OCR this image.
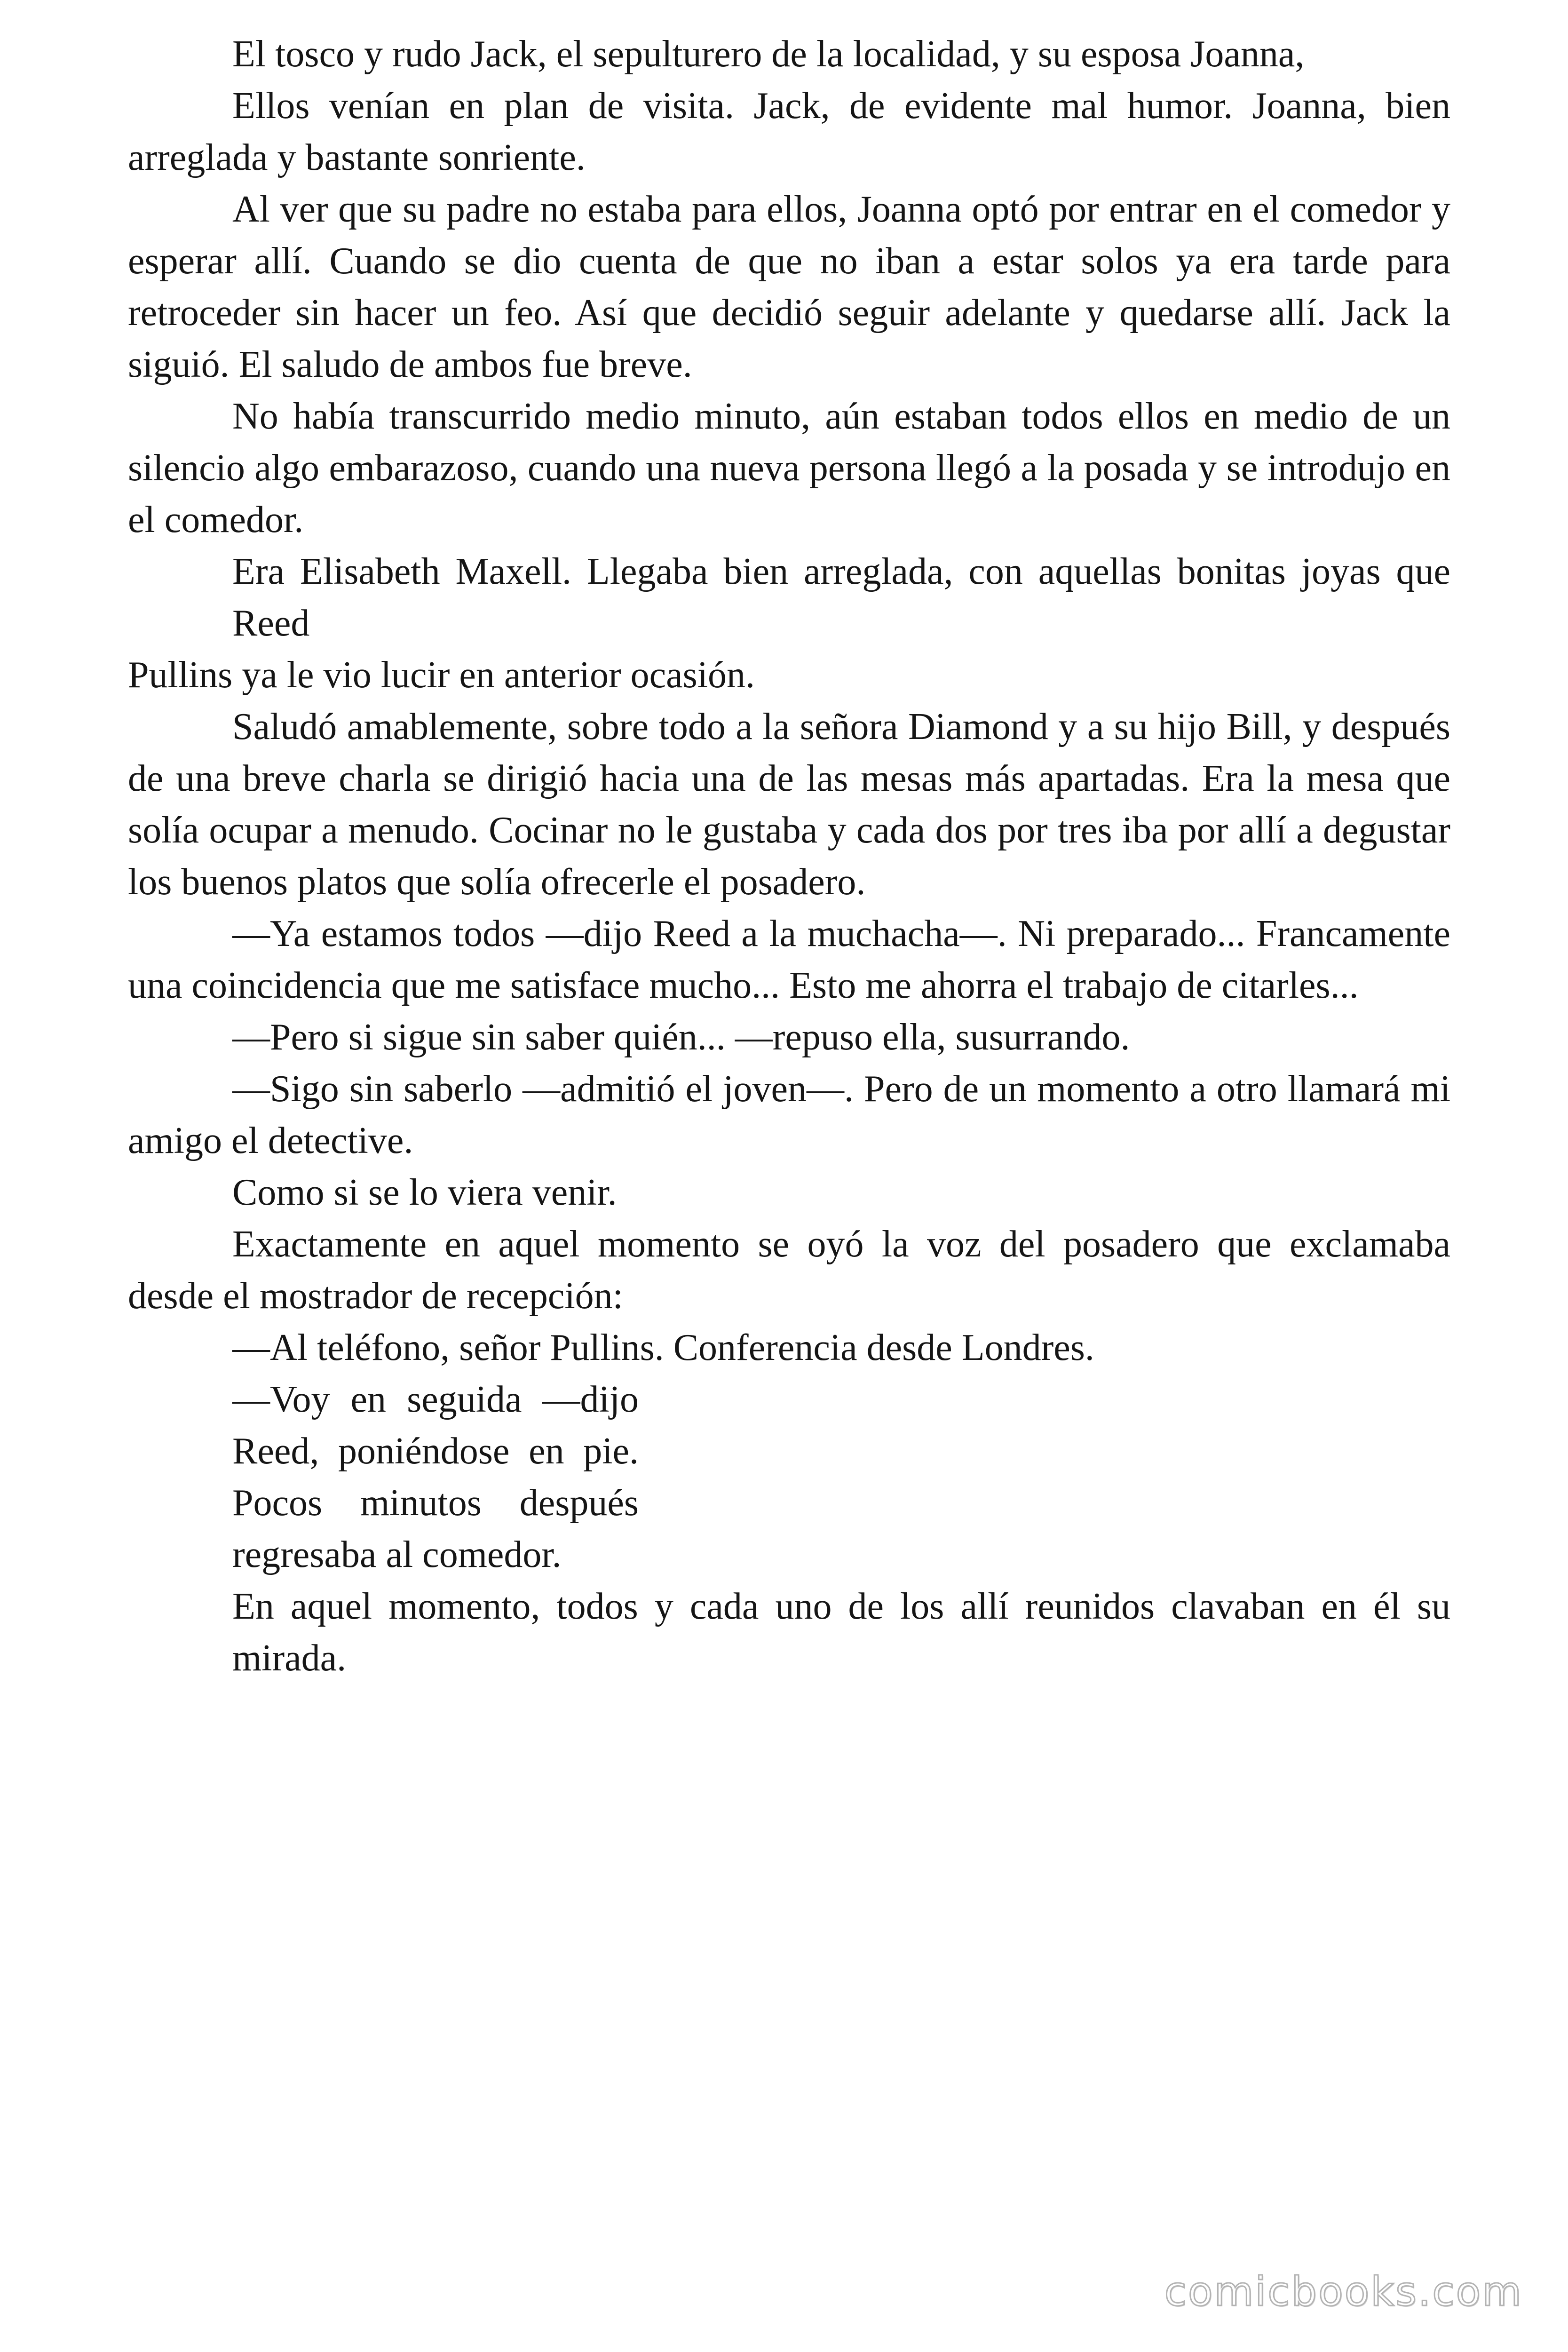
El tosco y rudo Jack, el sepulturero de la localidad, y su esposa Joanna,

Ellos venían en plan de visita. Jack, de evidente mal humor. Joanna, bien arreglada y bastante sonriente.

Al ver que su padre no estaba para ellos, Joanna optó por entrar en el comedor y esperar allí. Cuando se dio cuenta de que no iban a estar solos ya era tarde para retroceder sin hacer un feo. Así que decidió seguir adelante y quedarse allí. Jack la siguió. El saludo de ambos fue breve.

No había transcurrido medio minuto, aún estaban todos ellos en medio de un silencio algo embarazoso, cuando una nueva persona llegó a la posada y se introdujo en el comedor.

Era Elisabeth Maxell. Llegaba bien arreglada, con aquellas bonitas joyas que Reed

Pullins ya le vio lucir en anterior ocasión.

Saludó amablemente, sobre todo a la señora Diamond y a su hijo Bill, y después de una breve charla se dirigió hacia una de las mesas más apartadas. Era la mesa que solía ocupar a menudo. Cocinar no le gustaba y cada dos por tres iba por allí a degustar los buenos platos que solía ofrecerle el posadero.

—Ya estamos todos —dijo Reed a la muchacha—. Ni preparado... Francamente una coincidencia que me satisface mucho... Esto me ahorra el trabajo de citarles...

—Pero si sigue sin saber quién... —repuso ella, susurrando.

—Sigo sin saberlo —admitió el joven—. Pero de un momento a otro llamará mi amigo el detective.

Como si se lo viera venir.

Exactamente en aquel momento se oyó la voz del posadero que exclamaba desde el mostrador de recepción:

—Al teléfono, señor Pullins. Conferencia desde Londres.

—Voy en seguida —dijo Reed, poniéndose en pie. Pocos minutos después regresaba al comedor.

En aquel momento, todos y cada uno de los allí reunidos clavaban en él su mirada.

comicbooks.com
